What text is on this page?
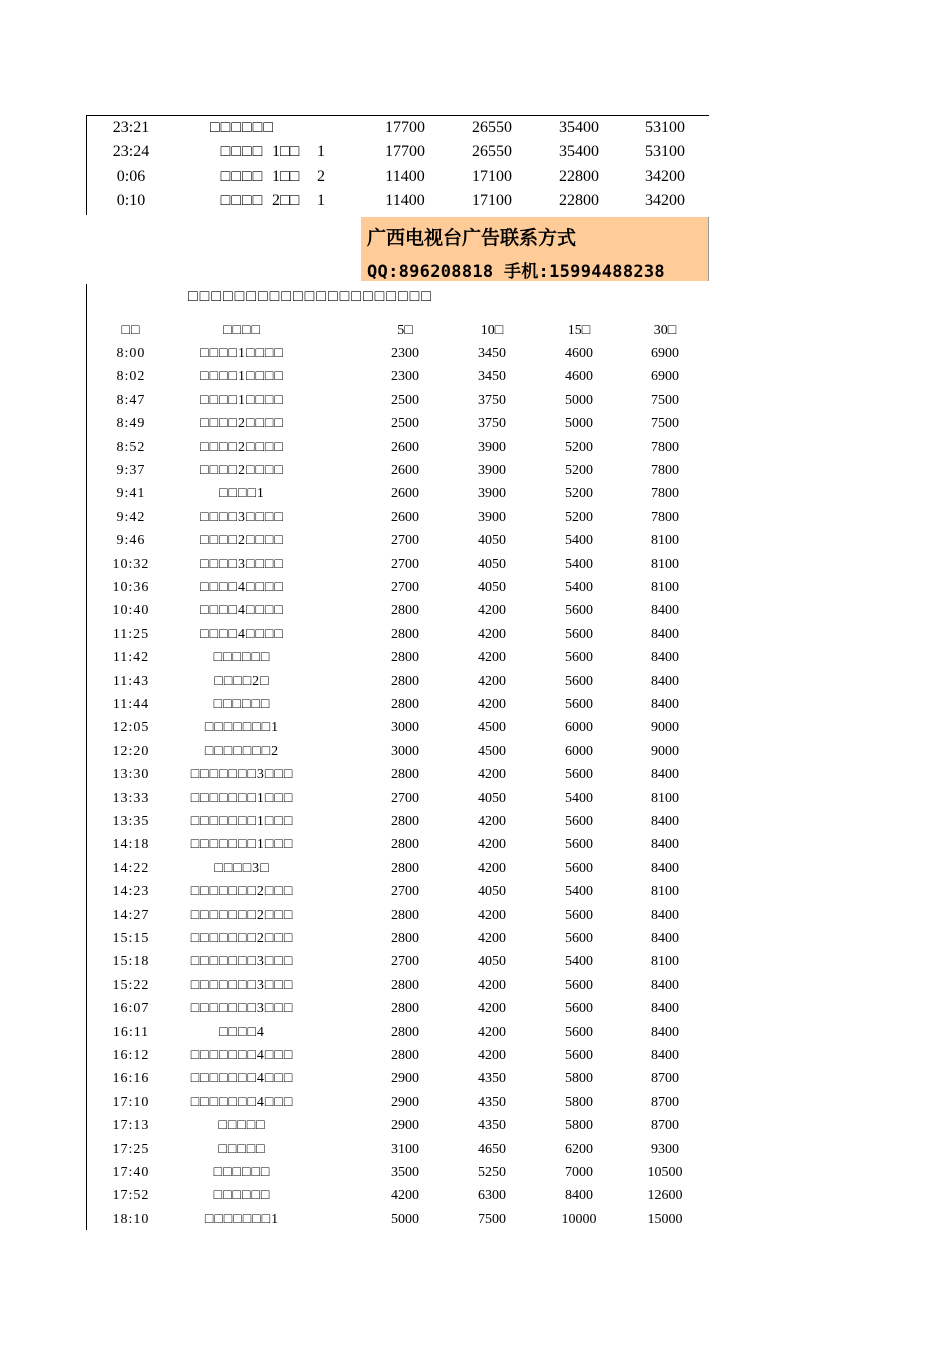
23:21	□□□□□□	17700	26550	35400	53100
23:24	□□□□ 1□□ 1	17700	26550	35400	53100
0:06	□□□□ 1□□ 2	11400	17100	22800	34200
0:10	□□□□ 2□□ 1	11400	17100	22800	34200
广西电视台广告联系方式
QQ:896208818 手机:15994488238
□□□□□□□□□□□□□□□□□□□□□
□□	□□□□	5□	10□	15□	30□
8:00	□□□□1□□□□	2300	3450	4600	6900
8:02	□□□□1□□□□	2300	3450	4600	6900
8:47	□□□□1□□□□	2500	3750	5000	7500
8:49	□□□□2□□□□	2500	3750	5000	7500
8:52	□□□□2□□□□	2600	3900	5200	7800
9:37	□□□□2□□□□	2600	3900	5200	7800
9:41	□□□□1	2600	3900	5200	7800
9:42	□□□□3□□□□	2600	3900	5200	7800
9:46	□□□□2□□□□	2700	4050	5400	8100
10:32	□□□□3□□□□	2700	4050	5400	8100
10:36	□□□□4□□□□	2700	4050	5400	8100
10:40	□□□□4□□□□	2800	4200	5600	8400
11:25	□□□□4□□□□	2800	4200	5600	8400
11:42	□□□□□□	2800	4200	5600	8400
11:43	□□□□2□	2800	4200	5600	8400
11:44	□□□□□□	2800	4200	5600	8400
12:05	□□□□□□□1	3000	4500	6000	9000
12:20	□□□□□□□2	3000	4500	6000	9000
13:30	□□□□□□□3□□□	2800	4200	5600	8400
13:33	□□□□□□□1□□□	2700	4050	5400	8100
13:35	□□□□□□□1□□□	2800	4200	5600	8400
14:18	□□□□□□□1□□□	2800	4200	5600	8400
14:22	□□□□3□	2800	4200	5600	8400
14:23	□□□□□□□2□□□	2700	4050	5400	8100
14:27	□□□□□□□2□□□	2800	4200	5600	8400
15:15	□□□□□□□2□□□	2800	4200	5600	8400
15:18	□□□□□□□3□□□	2700	4050	5400	8100
15:22	□□□□□□□3□□□	2800	4200	5600	8400
16:07	□□□□□□□3□□□	2800	4200	5600	8400
16:11	□□□□4	2800	4200	5600	8400
16:12	□□□□□□□4□□□	2800	4200	5600	8400
16:16	□□□□□□□4□□□	2900	4350	5800	8700
17:10	□□□□□□□4□□□	2900	4350	5800	8700
17:13	□□□□□	2900	4350	5800	8700
17:25	□□□□□	3100	4650	6200	9300
17:40	□□□□□□	3500	5250	7000	10500
17:52	□□□□□□	4200	6300	8400	12600
18:10	□□□□□□□1	5000	7500	10000	15000
